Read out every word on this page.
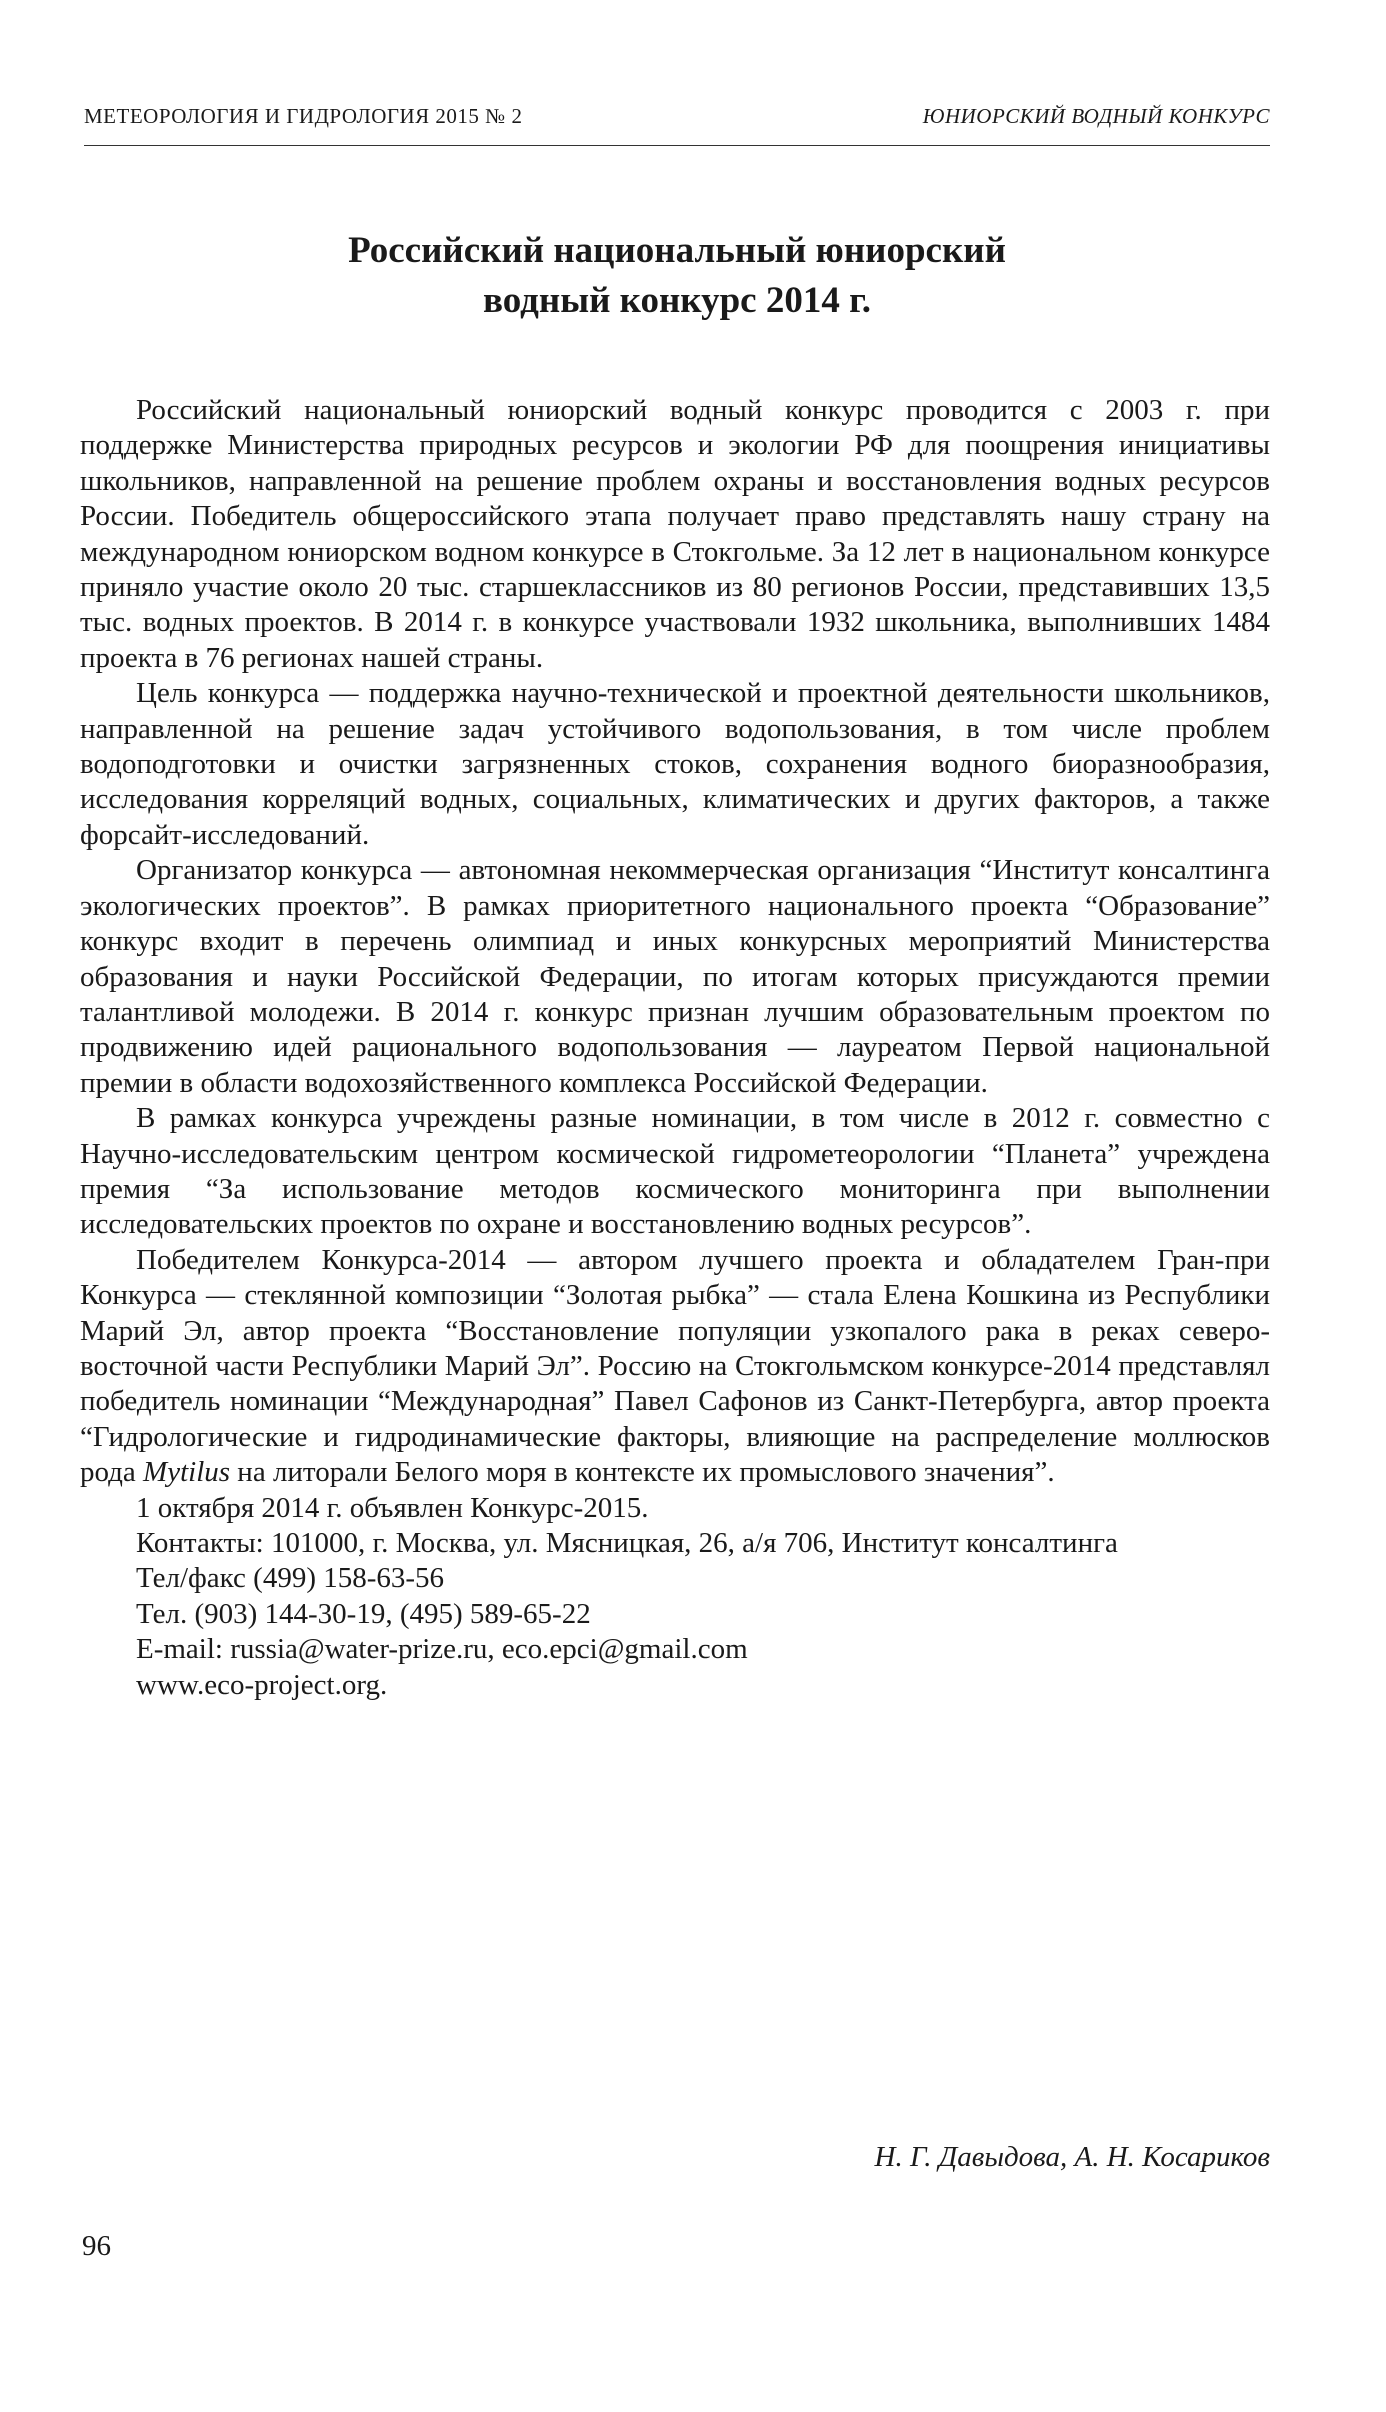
МЕТЕОРОЛОГИЯ И ГИДРОЛОГИЯ 2015 № 2	ЮНИОРСКИЙ ВОДНЫЙ КОНКУРС
Российский национальный юниорский
водный конкурс 2014 г.

Российский национальный юниорский водный конкурс проводится с 2003 г. при поддержке Министерства природных ресурсов и экологии РФ для поощрения инициативы школьников, направленной на решение проблем охраны и восстановления водных ресурсов России. Победитель общероссийского этапа получает право представлять нашу страну на международном юниорском водном конкурсе в Стокгольме. За 12 лет в национальном конкурсе приняло участие около 20 тыс. старшеклассников из 80 регионов России, представивших 13,5 тыс. водных проектов. В 2014 г. в конкурсе участвовали 1932 школьника, выполнивших 1484 проекта в 76 регионах нашей страны.

Цель конкурса — поддержка научно-технической и проектной деятельности школьников, направленной на решение задач устойчивого водопользования, в том числе проблем водоподготовки и очистки загрязненных стоков, сохранения водного биоразнообразия, исследования корреляций водных, социальных, климатических и других факторов, а также форсайт-исследований.

Организатор конкурса — автономная некоммерческая организация “Институт консалтинга экологических проектов”. В рамках приоритетного национального проекта “Образование” конкурс входит в перечень олимпиад и иных конкурсных мероприятий Министерства образования и науки Российской Федерации, по итогам которых присуждаются премии талантливой молодежи. В 2014 г. конкурс признан лучшим образовательным проектом по продвижению идей рационального водопользования — лауреатом Первой национальной премии в области водохозяйственного комплекса Российской Федерации.

В рамках конкурса учреждены разные номинации, в том числе в 2012 г. совместно с Научно-исследовательским центром космической гидрометеорологии “Планета” учреждена премия “За использование методов космического мониторинга при выполнении исследовательских проектов по охране и восстановлению водных ресурсов”.

Победителем Конкурса-2014 — автором лучшего проекта и обладателем Гран-при Конкурса — стеклянной композиции “Золотая рыбка” — стала Елена Кошкина из Республики Марий Эл, автор проекта “Восстановление популяции узкопалого рака в реках северо-восточной части Республики Марий Эл”. Россию на Стокгольмском конкурсе-2014 представлял победитель номинации “Международная” Павел Сафонов из Санкт-Петербурга, автор проекта “Гидрологические и гидродинамические факторы, влияющие на распределение моллюсков рода Mytilus на литорали Белого моря в контексте их промыслового значения”.

1 октября 2014 г. объявлен Конкурс-2015.

Контакты: 101000, г. Москва, ул. Мясницкая, 26, а/я 706, Институт консалтинга

Тел/факс (499) 158-63-56

Тел. (903) 144-30-19, (495) 589-65-22

E-mail: russia@water-prize.ru, eco.epci@gmail.com

www.eco-project.org.

Н. Г. Давыдова, А. Н. Косариков
96
